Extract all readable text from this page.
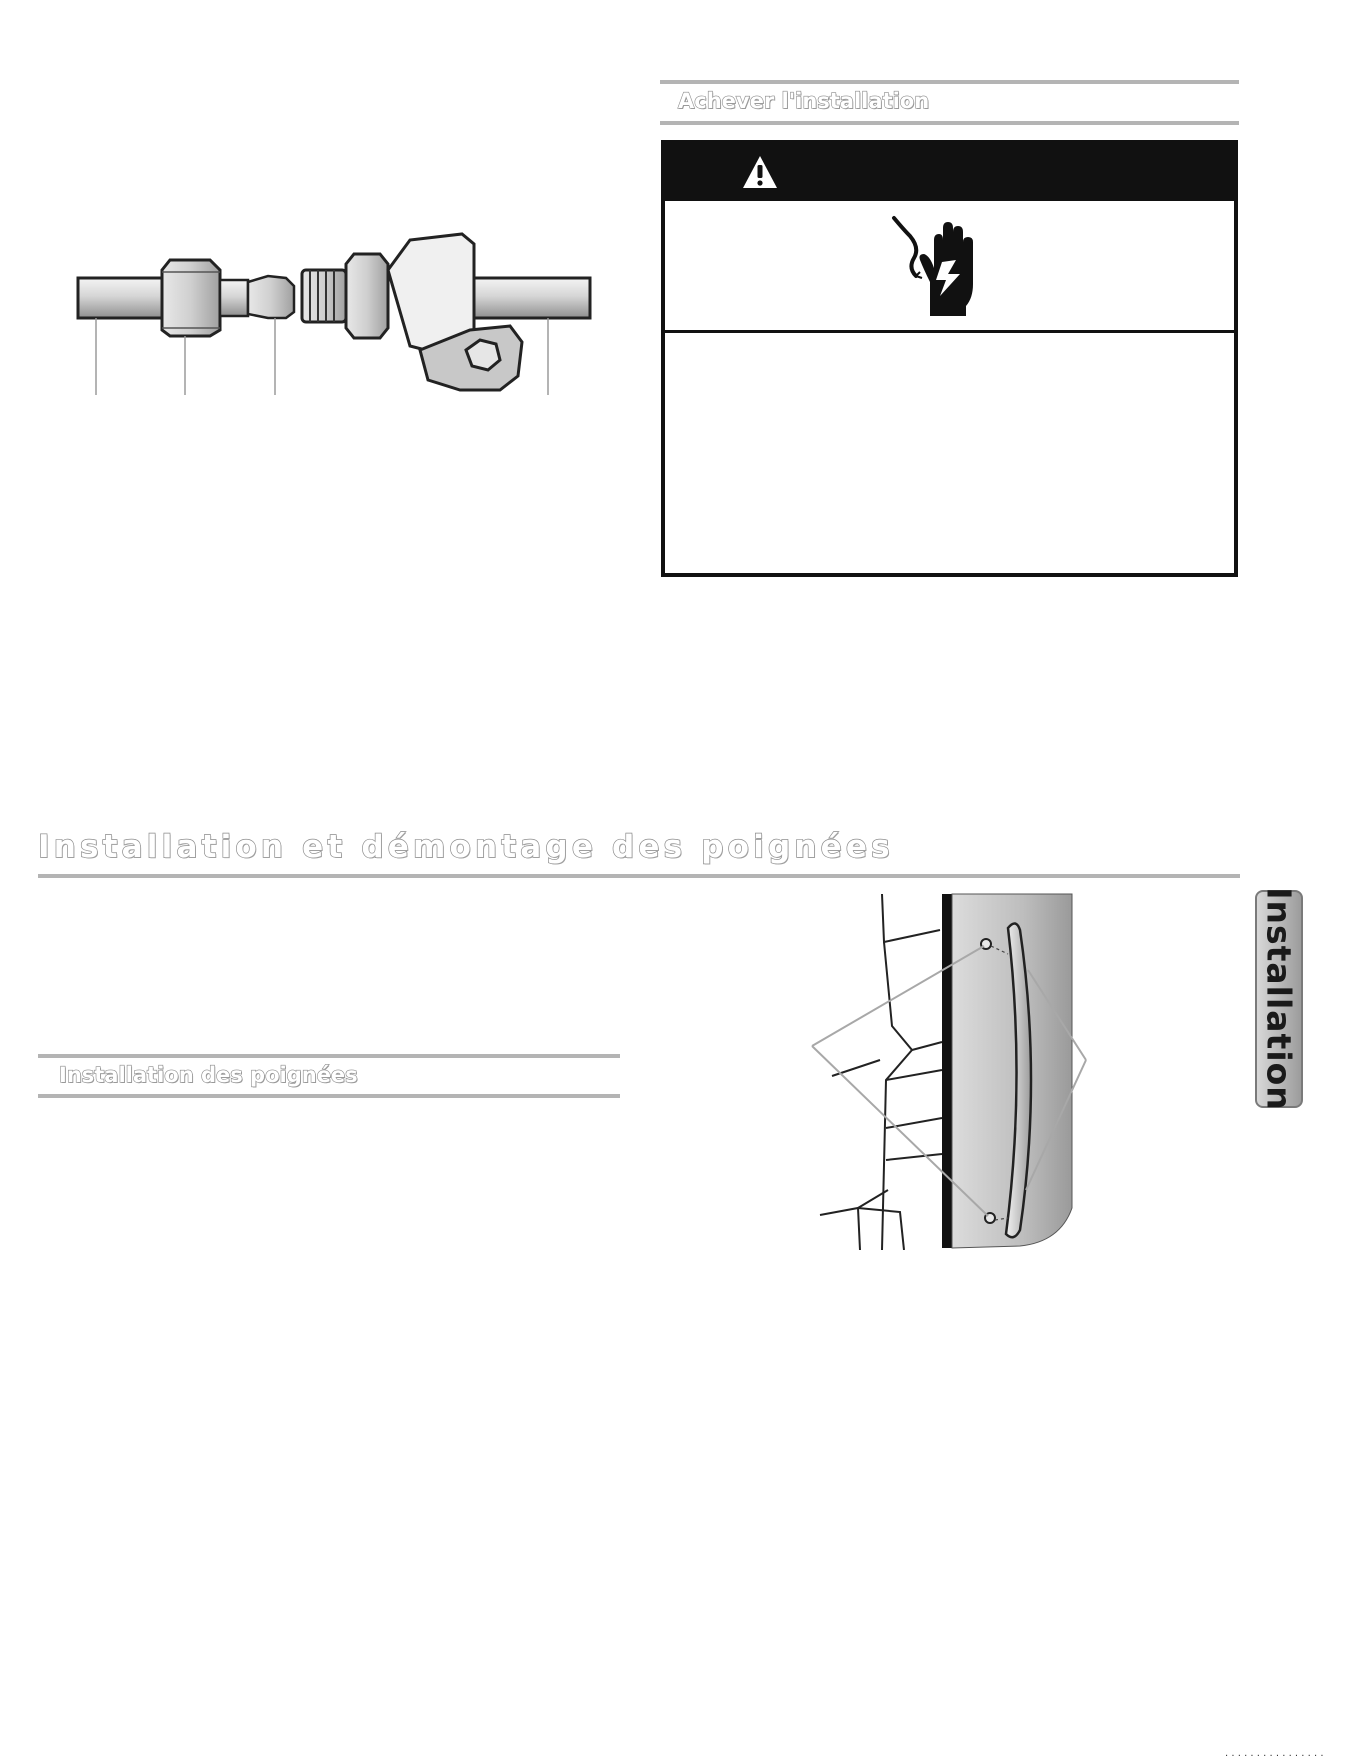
Achever l'installation
Installation et démontage des poignées
Installation des poignées	Installation
· · · · · · · · · · · · · · · ·
